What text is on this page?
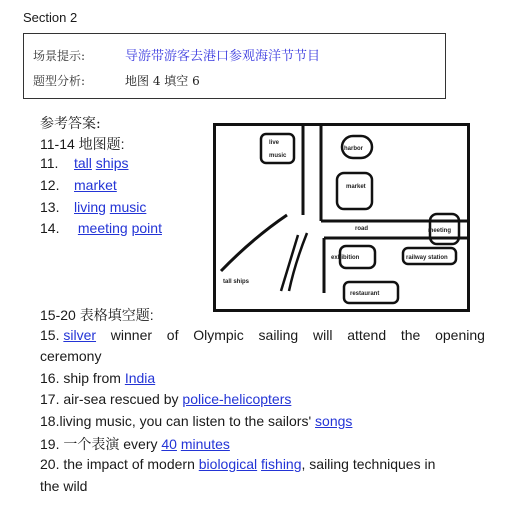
Section 2
场景提示:	导游带游客去港口参观海洋节节目
题型分析:	地图 4 填空 6
参考答案:
11-14 地图题:
11. tall ships
12. market
13. living music
14. meeting point
live
music
harbor
market
road	meeting
exhibition	railway station
restaurant
tall ships
15-20 表格填空题:
15. silver winner of Olympic sailing will attend the opening
ceremony
16. ship from India
17. air-sea rescued by police-helicopters
18.living music, you can listen to the sailors' songs
19. 一个表演 every 40 minutes
20. the impact of modern biological fishing, sailing techniques in
the wild
